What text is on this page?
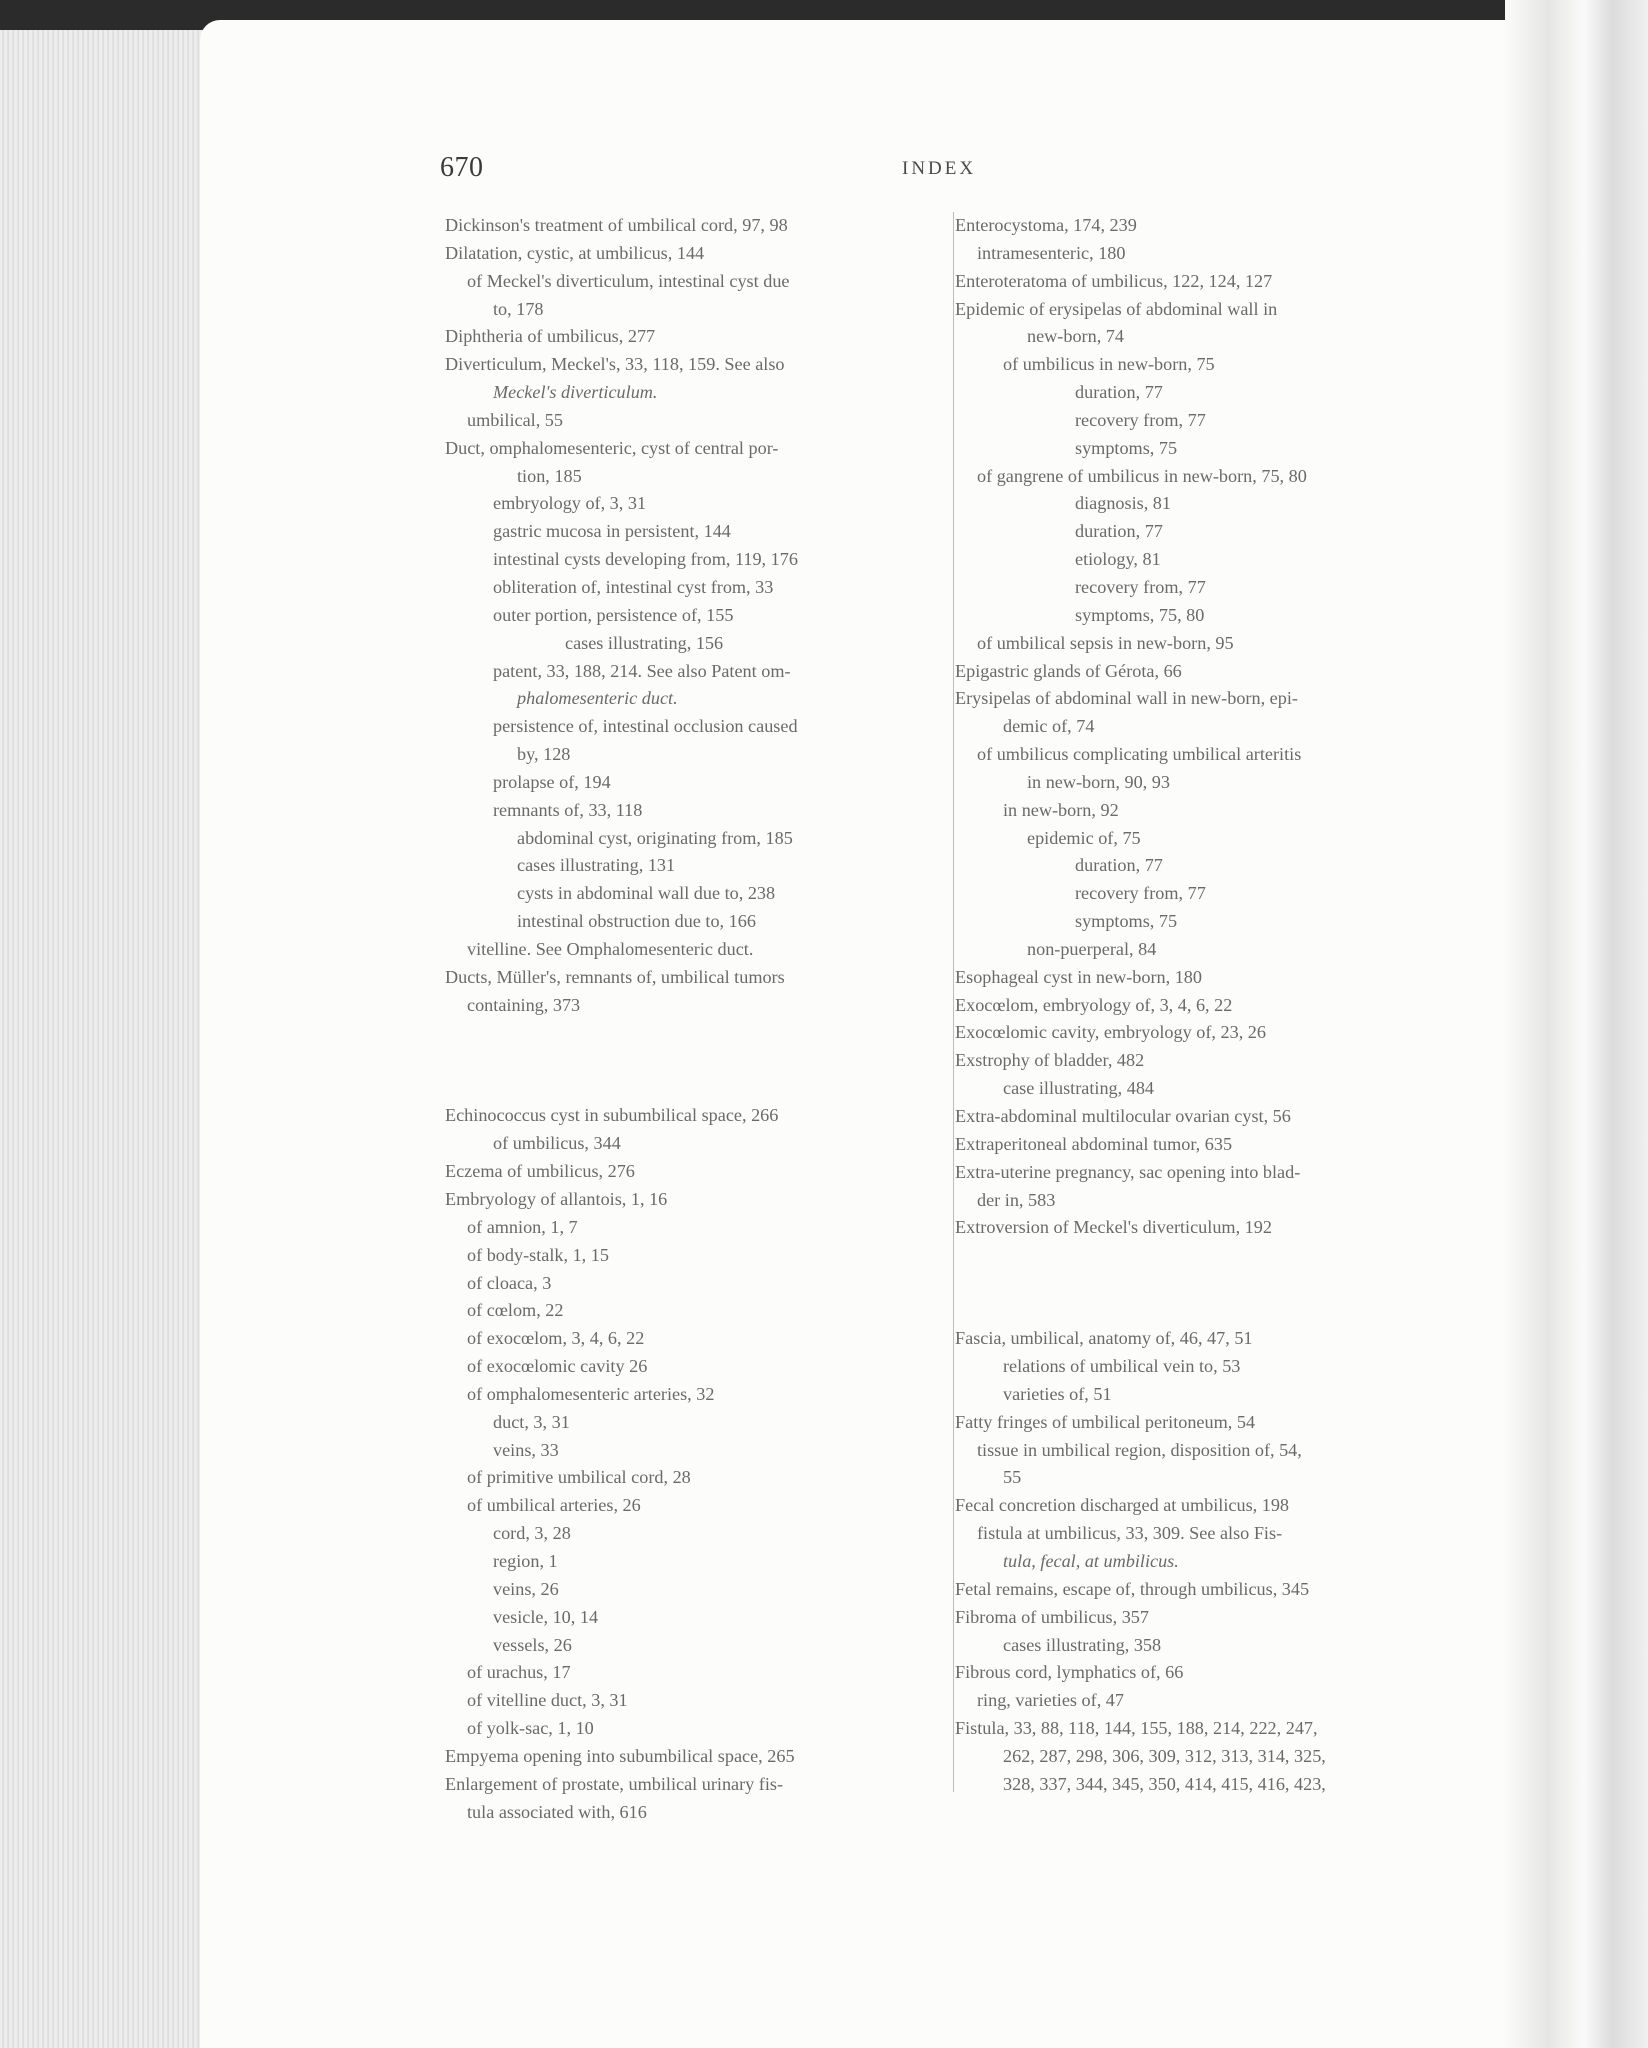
670	INDEX
Dickinson's treatment of umbilical cord, 97, 98
Dilatation, cystic, at umbilicus, 144
of Meckel's diverticulum, intestinal cyst due
to, 178
Diphtheria of umbilicus, 277
Diverticulum, Meckel's, 33, 118, 159. See also
Meckel's diverticulum.
umbilical, 55
Duct, omphalomesenteric, cyst of central por-
tion, 185
embryology of, 3, 31
gastric mucosa in persistent, 144
intestinal cysts developing from, 119, 176
obliteration of, intestinal cyst from, 33
outer portion, persistence of, 155
cases illustrating, 156
patent, 33, 188, 214. See also Patent om-
phalomesenteric duct.
persistence of, intestinal occlusion caused
by, 128
prolapse of, 194
remnants of, 33, 118
abdominal cyst, originating from, 185
cases illustrating, 131
cysts in abdominal wall due to, 238
intestinal obstruction due to, 166
vitelline. See Omphalomesenteric duct.
Ducts, Müller's, remnants of, umbilical tumors
containing, 373
Echinococcus cyst in subumbilical space, 266
of umbilicus, 344
Eczema of umbilicus, 276
Embryology of allantois, 1, 16
of amnion, 1, 7
of body-stalk, 1, 15
of cloaca, 3
of cœlom, 22
of exocœlom, 3, 4, 6, 22
of exocœlomic cavity 26
of omphalomesenteric arteries, 32
duct, 3, 31
veins, 33
of primitive umbilical cord, 28
of umbilical arteries, 26
cord, 3, 28
region, 1
veins, 26
vesicle, 10, 14
vessels, 26
of urachus, 17
of vitelline duct, 3, 31
of yolk-sac, 1, 10
Empyema opening into subumbilical space, 265
Enlargement of prostate, umbilical urinary fis-
tula associated with, 616
Enterocystoma, 174, 239
intramesenteric, 180
Enteroteratoma of umbilicus, 122, 124, 127
Epidemic of erysipelas of abdominal wall in
new-born, 74
of umbilicus in new-born, 75
duration, 77
recovery from, 77
symptoms, 75
of gangrene of umbilicus in new-born, 75, 80
diagnosis, 81
duration, 77
etiology, 81
recovery from, 77
symptoms, 75, 80
of umbilical sepsis in new-born, 95
Epigastric glands of Gérota, 66
Erysipelas of abdominal wall in new-born, epi-
demic of, 74
of umbilicus complicating umbilical arteritis
in new-born, 90, 93
in new-born, 92
epidemic of, 75
duration, 77
recovery from, 77
symptoms, 75
non-puerperal, 84
Esophageal cyst in new-born, 180
Exocœlom, embryology of, 3, 4, 6, 22
Exocœlomic cavity, embryology of, 23, 26
Exstrophy of bladder, 482
case illustrating, 484
Extra-abdominal multilocular ovarian cyst, 56
Extraperitoneal abdominal tumor, 635
Extra-uterine pregnancy, sac opening into blad-
der in, 583
Extroversion of Meckel's diverticulum, 192
Fascia, umbilical, anatomy of, 46, 47, 51
relations of umbilical vein to, 53
varieties of, 51
Fatty fringes of umbilical peritoneum, 54
tissue in umbilical region, disposition of, 54,
55
Fecal concretion discharged at umbilicus, 198
fistula at umbilicus, 33, 309. See also Fis-
tula, fecal, at umbilicus.
Fetal remains, escape of, through umbilicus, 345
Fibroma of umbilicus, 357
cases illustrating, 358
Fibrous cord, lymphatics of, 66
ring, varieties of, 47
Fistula, 33, 88, 118, 144, 155, 188, 214, 222, 247,
262, 287, 298, 306, 309, 312, 313, 314, 325,
328, 337, 344, 345, 350, 414, 415, 416, 423,
